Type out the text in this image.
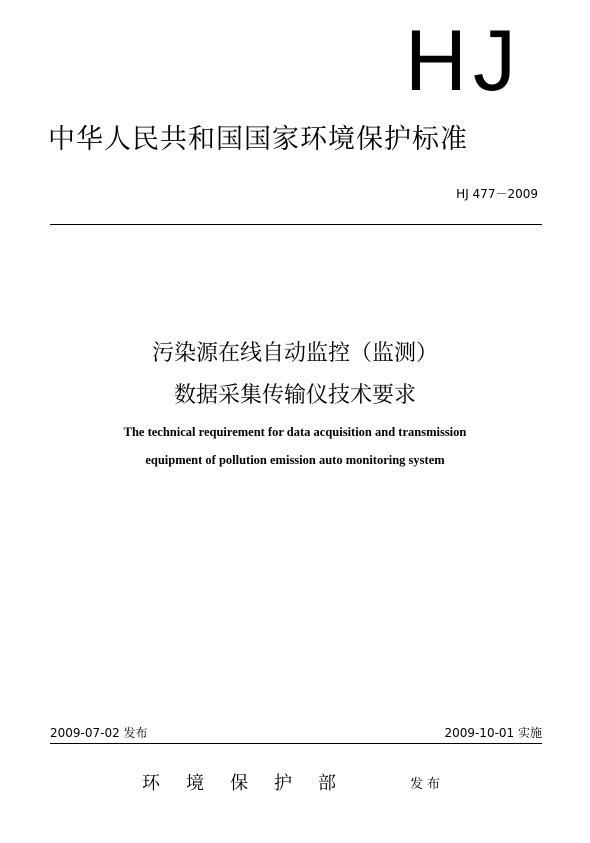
HJ
中华人民共和国国家环境保护标准
HJ 477－2009
污染源在线自动监控（监测）
数据采集传输仪技术要求
The technical requirement for data acquisition and transmission
equipment of pollution emission auto monitoring system
2009-07-02 发布	2009-10-01 实施
环境保护部	发布
